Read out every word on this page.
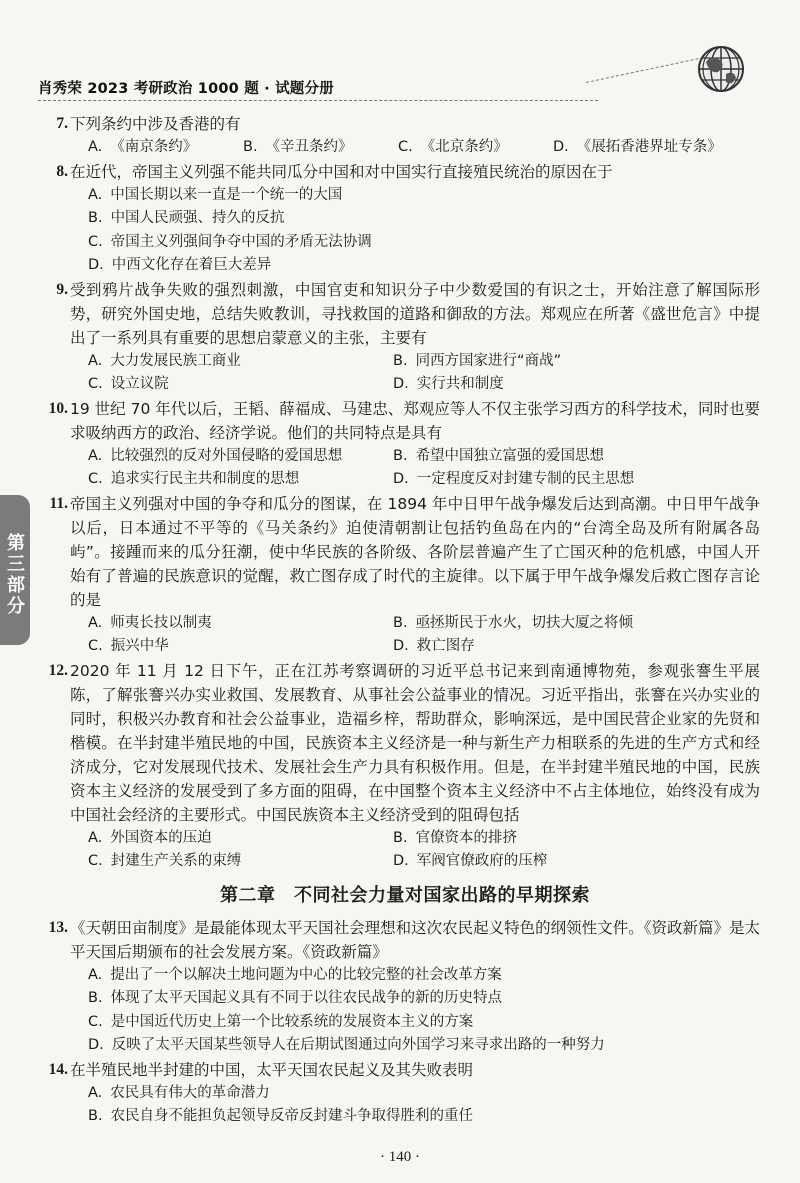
肖秀荣 2023 考研政治 1000 题 · 试题分册
第三部分
7. 下列条约中涉及香港的有
A. 《南京条约》	B. 《辛丑条约》	C. 《北京条约》	D. 《展拓香港界址专条》
8. 在近代，帝国主义列强不能共同瓜分中国和对中国实行直接殖民统治的原因在于
A. 中国长期以来一直是一个统一的大国
B. 中国人民顽强、持久的反抗
C. 帝国主义列强间争夺中国的矛盾无法协调
D. 中西文化存在着巨大差异
9. 受到鸦片战争失败的强烈刺激，中国官吏和知识分子中少数爱国的有识之士，开始注意了解国际形势，研究外国史地，总结失败教训，寻找救国的道路和御敌的方法。郑观应在所著《盛世危言》中提出了一系列具有重要的思想启蒙意义的主张，主要有
A. 大力发展民族工商业	B. 同西方国家进行“商战”
C. 设立议院	D. 实行共和制度
10. 19 世纪 70 年代以后，王韬、薛福成、马建忠、郑观应等人不仅主张学习西方的科学技术，同时也要求吸纳西方的政治、经济学说。他们的共同特点是具有
A. 比较强烈的反对外国侵略的爱国思想	B. 希望中国独立富强的爱国思想
C. 追求实行民主共和制度的思想	D. 一定程度反对封建专制的民主思想
11. 帝国主义列强对中国的争夺和瓜分的图谋，在 1894 年中日甲午战争爆发后达到高潮。中日甲午战争以后，日本通过不平等的《马关条约》迫使清朝割让包括钓鱼岛在内的“台湾全岛及所有附属各岛屿”。接踵而来的瓜分狂潮，使中华民族的各阶级、各阶层普遍产生了亡国灭种的危机感，中国人开始有了普遍的民族意识的觉醒，救亡图存成了时代的主旋律。以下属于甲午战争爆发后救亡图存言论的是
A. 师夷长技以制夷	B. 亟拯斯民于水火，切扶大厦之将倾
C. 振兴中华	D. 救亡图存
12. 2020 年 11 月 12 日下午，正在江苏考察调研的习近平总书记来到南通博物苑，参观张謇生平展陈，了解张謇兴办实业救国、发展教育、从事社会公益事业的情况。习近平指出，张謇在兴办实业的同时，积极兴办教育和社会公益事业，造福乡梓，帮助群众，影响深远，是中国民营企业家的先贤和楷模。在半封建半殖民地的中国，民族资本主义经济是一种与新生产力相联系的先进的生产方式和经济成分，它对发展现代技术、发展社会生产力具有积极作用。但是，在半封建半殖民地的中国，民族资本主义经济的发展受到了多方面的阻碍，在中国整个资本主义经济中不占主体地位，始终没有成为中国社会经济的主要形式。中国民族资本主义经济受到的阻碍包括
A. 外国资本的压迫	B. 官僚资本的排挤
C. 封建生产关系的束缚	D. 军阀官僚政府的压榨
第二章　不同社会力量对国家出路的早期探索
13. 《天朝田亩制度》是最能体现太平天国社会理想和这次农民起义特色的纲领性文件。《资政新篇》是太平天国后期颁布的社会发展方案。《资政新篇》
A. 提出了一个以解决土地问题为中心的比较完整的社会改革方案
B. 体现了太平天国起义具有不同于以往农民战争的新的历史特点
C. 是中国近代历史上第一个比较系统的发展资本主义的方案
D. 反映了太平天国某些领导人在后期试图通过向外国学习来寻求出路的一种努力
14. 在半殖民地半封建的中国，太平天国农民起义及其失败表明
A. 农民具有伟大的革命潜力
B. 农民自身不能担负起领导反帝反封建斗争取得胜利的重任
· 140 ·
